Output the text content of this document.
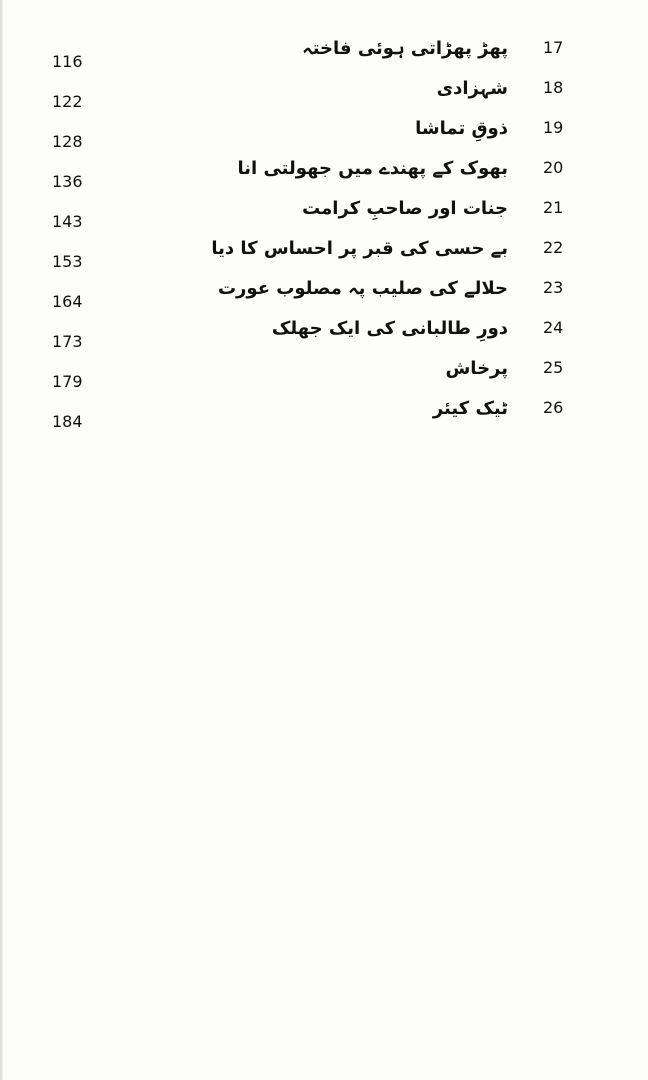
116
پھڑ پھڑاتی ہوئی فاختہ 17
122
شہزادی 18
128
ذوقِ تماشا 19
136
بھوک کے پھندے میں جھولتی انا 20
143
جنات اور صاحبِ کرامت 21
153
بے حسی کی قبر پر احساس کا دیا 22
164
حلالے کی صلیب پہ مصلوب عورت 23
173
دورِ طالبانی کی ایک جھلک 24
179
پرخاش 25
184
ٹیک کیئر 26
